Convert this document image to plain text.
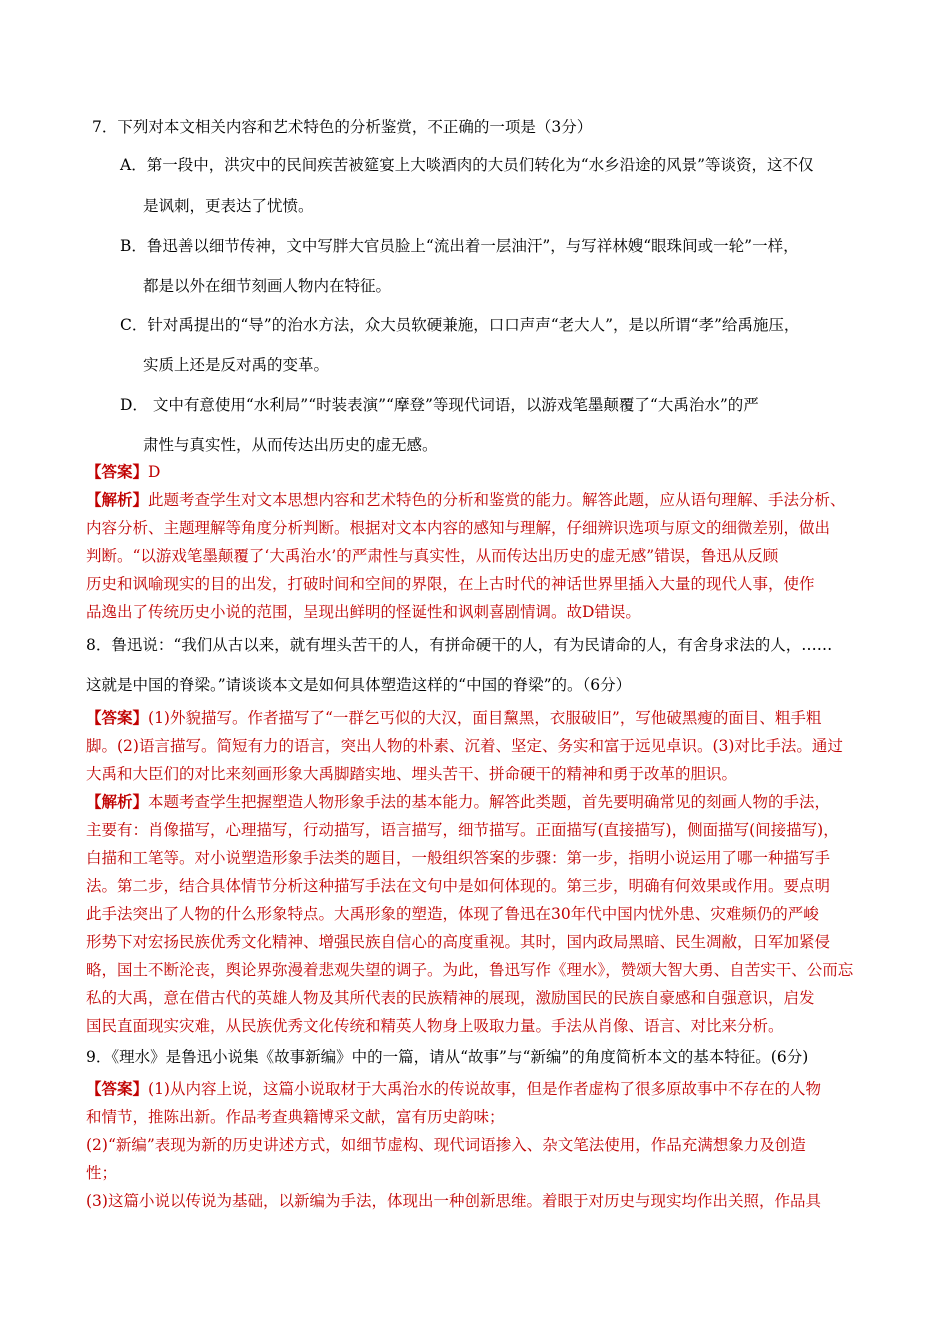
7．下列对本文相关内容和艺术特色的分析鉴赏，不正确的一项是（3分）
A．第一段中，洪灾中的民间疾苦被筵宴上大啖酒肉的大员们转化为“水乡沿途的风景”等谈资，这不仅
是讽刺，更表达了忧愤。
B．鲁迅善以细节传神，文中写胖大官员脸上“流出着一层油汗”，与写祥林嫂“眼珠间或一轮”一样，
都是以外在细节刻画人物内在特征。
C．针对禹提出的“导”的治水方法，众大员软硬兼施，口口声声“老大人”，是以所谓“孝”给禹施压，
实质上还是反对禹的变革。
D． 文中有意使用“水利局”“时装表演”“摩登”等现代词语，以游戏笔墨颠覆了“大禹治水”的严
肃性与真实性，从而传达出历史的虚无感。
【答案】D
【解析】此题考查学生对文本思想内容和艺术特色的分析和鉴赏的能力。解答此题，应从语句理解、手法分析、
内容分析、主题理解等角度分析判断。根据对文本内容的感知与理解，仔细辨识选项与原文的细微差别，做出
判断。“以游戏笔墨颠覆了‘大禹治水’的严肃性与真实性，从而传达出历史的虚无感”错误，鲁迅从反顾
历史和讽喻现实的目的出发，打破时间和空间的界限，在上古时代的神话世界里插入大量的现代人事，使作
品逸出了传统历史小说的范围，呈现出鲜明的怪诞性和讽刺喜剧情调。故D错误。
8．鲁迅说：“我们从古以来，就有埋头苦干的人，有拼命硬干的人，有为民请命的人，有舍身求法的人，……
这就是中国的脊梁。”请谈谈本文是如何具体塑造这样的“中国的脊梁”的。（6分）
【答案】(1)外貌描写。作者描写了“一群乞丐似的大汉，面目黧黑，衣服破旧”，写他破黑瘦的面目、粗手粗
脚。(2)语言描写。简短有力的语言，突出人物的朴素、沉着、坚定、务实和富于远见卓识。(3)对比手法。通过
大禹和大臣们的对比来刻画形象大禹脚踏实地、埋头苦干、拼命硬干的精神和勇于改革的胆识。
【解析】本题考查学生把握塑造人物形象手法的基本能力。解答此类题，首先要明确常见的刻画人物的手法，
主要有：肖像描写，心理描写，行动描写，语言描写，细节描写。正面描写(直接描写)，侧面描写(间接描写)，
白描和工笔等。对小说塑造形象手法类的题目，一般组织答案的步骤：第一步，指明小说运用了哪一种描写手
法。第二步，结合具体情节分析这种描写手法在文句中是如何体现的。第三步，明确有何效果或作用。要点明
此手法突出了人物的什么形象特点。大禹形象的塑造，体现了鲁迅在30年代中国内忧外患、灾难频仍的严峻
形势下对宏扬民族优秀文化精神、增强民族自信心的高度重视。其时，国内政局黑暗、民生凋敝，日军加紧侵
略，国土不断沦丧，舆论界弥漫着悲观失望的调子。为此，鲁迅写作《理水》，赞颂大智大勇、自苦实干、公而忘
私的大禹，意在借古代的英雄人物及其所代表的民族精神的展现，激励国民的民族自豪感和自强意识，启发
国民直面现实灾难，从民族优秀文化传统和精英人物身上吸取力量。手法从肖像、语言、对比来分析。
9．《理水》是鲁迅小说集《故事新编》中的一篇，请从“故事”与“新编”的角度简析本文的基本特征。(6分)
【答案】(1)从内容上说，这篇小说取材于大禹治水的传说故事，但是作者虚构了很多原故事中不存在的人物
和情节，推陈出新。作品考查典籍博采文献，富有历史韵味；
(2)“新编”表现为新的历史讲述方式，如细节虚构、现代词语掺入、杂文笔法使用，作品充满想象力及创造
性；
(3)这篇小说以传说为基础，以新编为手法，体现出一种创新思维。着眼于对历史与现实均作出关照，作品具
